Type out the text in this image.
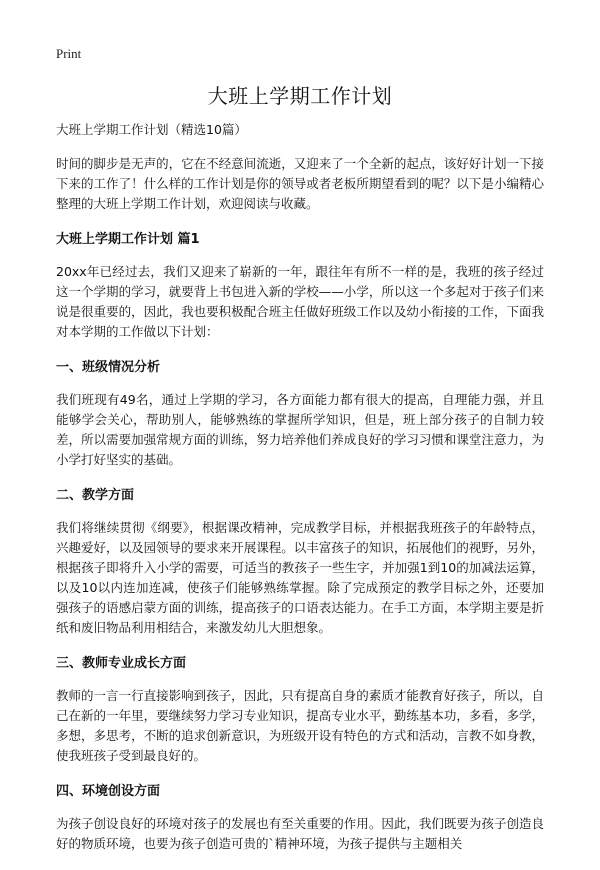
Print
大班上学期工作计划
大班上学期工作计划（精选10篇）

时间的脚步是无声的，它在不经意间流逝，又迎来了一个全新的起点，该好好计划一下接下来的工作了！什么样的工作计划是你的领导或者老板所期望看到的呢？以下是小编精心整理的大班上学期工作计划，欢迎阅读与收藏。

大班上学期工作计划 篇1

20xx年已经过去，我们又迎来了崭新的一年，跟往年有所不一样的是，我班的孩子经过这一个学期的学习，就要背上书包进入新的学校——小学，所以这一个多起对于孩子们来说是很重要的，因此，我也要积极配合班主任做好班级工作以及幼小衔接的工作，下面我对本学期的工作做以下计划：

一、班级情况分析

我们班现有49名，通过上学期的学习，各方面能力都有很大的提高，自理能力强，并且能够学会关心，帮助别人，能够熟练的掌握所学知识，但是，班上部分孩子的自制力较差，所以需要加强常规方面的训练，努力培养他们养成良好的学习习惯和课堂注意力，为小学打好坚实的基础。

二、教学方面

我们将继续贯彻《纲要》，根据课改精神，完成教学目标，并根据我班孩子的年龄特点，兴趣爱好，以及园领导的要求来开展课程。以丰富孩子的知识，拓展他们的视野，另外，根据孩子即将升入小学的需要，可适当的教孩子一些生字，并加强1到10的加减法运算，以及10以内连加连减，使孩子们能够熟练掌握。除了完成预定的教学目标之外，还要加强孩子的语感启蒙方面的训练，提高孩子的口语表达能力。在手工方面，本学期主要是折纸和废旧物品利用相结合，来激发幼儿大胆想象。

三、教师专业成长方面

教师的一言一行直接影响到孩子，因此，只有提高自身的素质才能教育好孩子，所以，自己在新的一年里，要继续努力学习专业知识，提高专业水平，勤练基本功，多看，多学，多想，多思考，不断的追求创新意识，为班级开设有特色的方式和活动，言教不如身教，使我班孩子受到最良好的。

四、环境创设方面

为孩子创设良好的环境对孩子的发展也有至关重要的作用。因此，我们既要为孩子创造良好的物质环境，也要为孩子创造可贵的`精神环境，为孩子提供与主题相关
